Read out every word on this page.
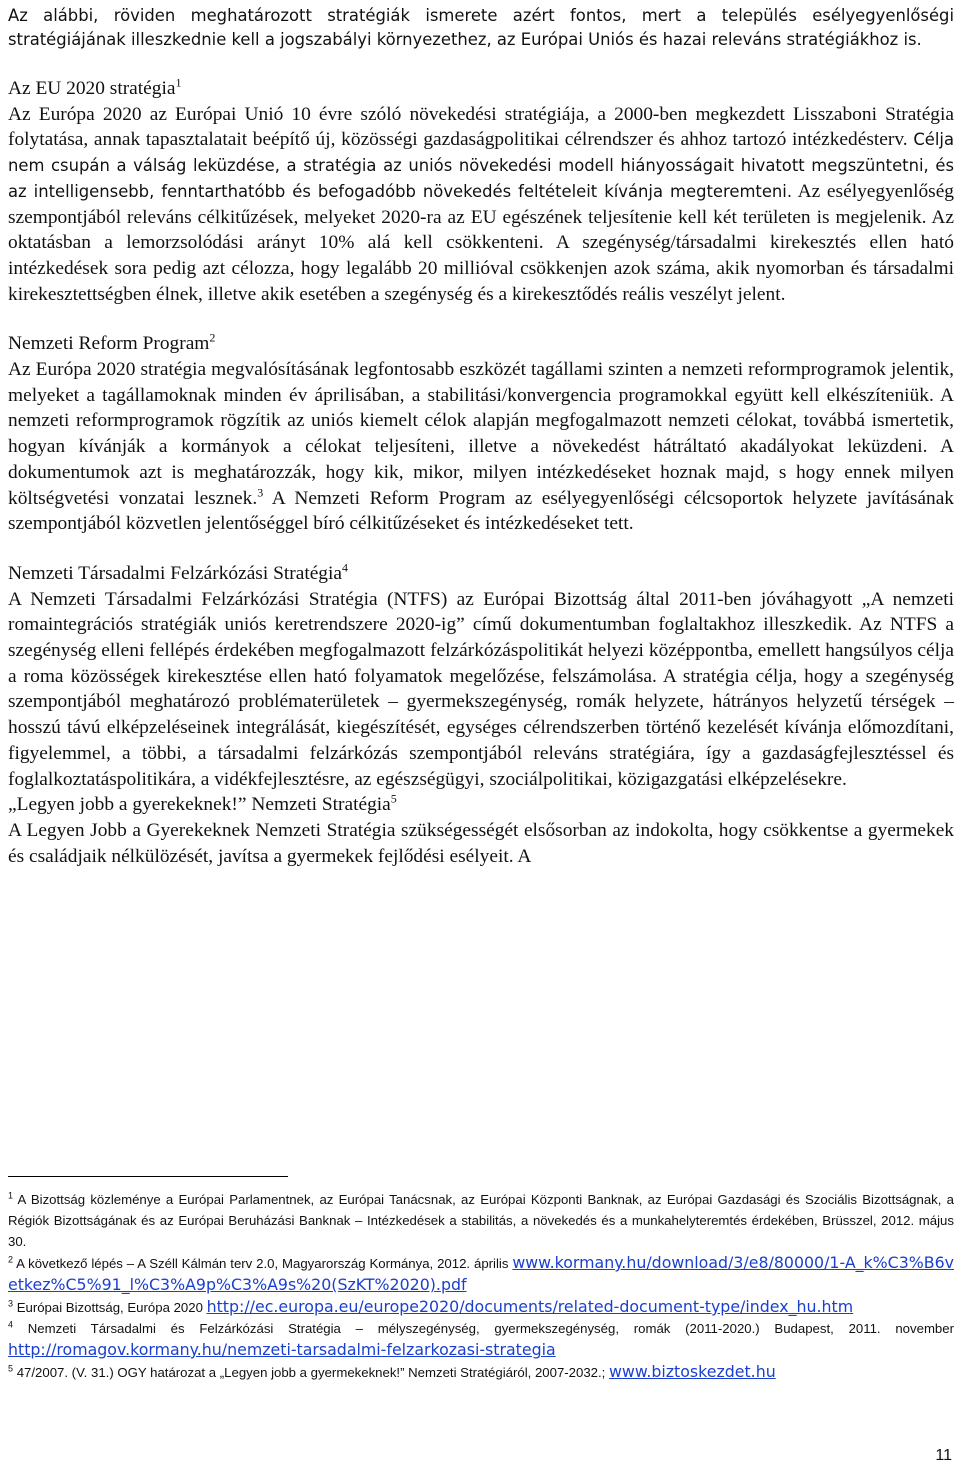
Az alábbi, röviden meghatározott stratégiák ismerete azért fontos, mert a település esélyegyenlőségi stratégiájának illeszkednie kell a jogszabályi környezethez, az Európai Uniós és hazai releváns stratégiákhoz is.

Az EU 2020 stratégia$^1$

Az Európa 2020 az Európai Unió 10 évre szóló növekedési stratégiája, a 2000-ben megkezdett Lisszaboni Stratégia folytatása, annak tapasztalatait beépítő új, közösségi gazdaságpolitikai célrendszer és ahhoz tartozó intézkedésterv. Célja nem csupán a válság leküzdése, a stratégia az uniós növekedési modell hiányosságait hivatott megszüntetni, és az intelligensebb, fenntarthatóbb és befogadóbb növekedés feltételeit kívánja megteremteni. Az esélyegyenlőség szempontjából releváns célkitűzések, melyeket 2020-ra az EU egészének teljesítenie kell két területen is megjelenik. Az oktatásban a lemorzsolódási arányt 10% alá kell csökkenteni. A szegénység/társadalmi kirekesztés ellen ható intézkedések sora pedig azt célozza, hogy legalább 20 millióval csökkenjen azok száma, akik nyomorban és társadalmi kirekesztettségben élnek, illetve akik esetében a szegénység és a kirekesztődés reális veszélyt jelent.

Nemzeti Reform Program$^2$

Az Európa 2020 stratégia megvalósításának legfontosabb eszközét tagállami szinten a nemzeti reformprogramok jelentik, melyeket a tagállamoknak minden év áprilisában, a stabilitási/konvergencia programokkal együtt kell elkészíteniük. A nemzeti reformprogramok rögzítik az uniós kiemelt célok alapján megfogalmazott nemzeti célokat, továbbá ismertetik, hogyan kívánják a kormányok a célokat teljesíteni, illetve a növekedést hátráltató akadályokat leküzdeni. A dokumentumok azt is meghatározzák, hogy kik, mikor, milyen intézkedéseket hoznak majd, s hogy ennek milyen költségvetési vonzatai lesznek.$^3$ A Nemzeti Reform Program az esélyegyenlőségi célcsoportok helyzete javításának szempontjából közvetlen jelentőséggel bíró célkitűzéseket és intézkedéseket tett.

Nemzeti Társadalmi Felzárkózási Stratégia$^4$

A Nemzeti Társadalmi Felzárkózási Stratégia (NTFS) az Európai Bizottság által 2011-ben jóváhagyott „A nemzeti romaintegrációs stratégiák uniós keretrendszere 2020-ig” című dokumentumban foglaltakhoz illeszkedik. Az NTFS a szegénység elleni fellépés érdekében megfogalmazott felzárkózáspolitikát helyezi középpontba, emellett hangsúlyos célja a roma közösségek kirekesztése ellen ható folyamatok megelőzése, felszámolása. A stratégia célja, hogy a szegénység szempontjából meghatározó problématerületek – gyermekszegénység, romák helyzete, hátrányos helyzetű térségek – hosszú távú elképzeléseinek integrálását, kiegészítését, egységes célrendszerben történő kezelését kívánja előmozdítani, figyelemmel, a többi, a társadalmi felzárkózás szempontjából releváns stratégiára, így a gazdaságfejlesztéssel és foglalkoztatáspolitikára, a vidékfejlesztésre, az egészségügyi, szociálpolitikai, közigazgatási elképzelésekre.

„Legyen jobb a gyerekeknek!” Nemzeti Stratégia$^5$

A Legyen Jobb a Gyerekeknek Nemzeti Stratégia szükségességét elsősorban az indokolta, hogy csökkentse a gyermekek és családjaik nélkülözését, javítsa a gyermekek fejlődési esélyeit. A

$^1$ A Bizottság közleménye a Európai Parlamentnek, az Európai Tanácsnak, az Európai Központi Banknak, az Európai Gazdasági és Szociális Bizottságnak, a Régiók Bizottságának és az Európai Beruházási Banknak – Intézkedések a stabilitás, a növekedés és a munkahelyteremtés érdekében, Brüsszel, 2012. május 30.

$^2$ A következő lépés – A Széll Kálmán terv 2.0, Magyarország Kormánya, 2012. április www.kormany.hu/download/3/e8/80000/1-A_k%C3%B6vetkez%C5%91_l%C3%A9p%C3%A9s%20(SzKT%2020).pdf

$^3$ Európai Bizottság, Európa 2020 http://ec.europa.eu/europe2020/documents/related-document-type/index_hu.htm

$^4$ Nemzeti Társadalmi és Felzárkózási Stratégia – mélyszegénység, gyermekszegénység, romák (2011-2020.) Budapest, 2011. november http://romagov.kormany.hu/nemzeti-tarsadalmi-felzarkozasi-strategia

$^5$ 47/2007. (V. 31.) OGY határozat a „Legyen jobb a gyermekeknek!” Nemzeti Stratégiáról, 2007-2032.; www.biztoskezdet.hu

11
